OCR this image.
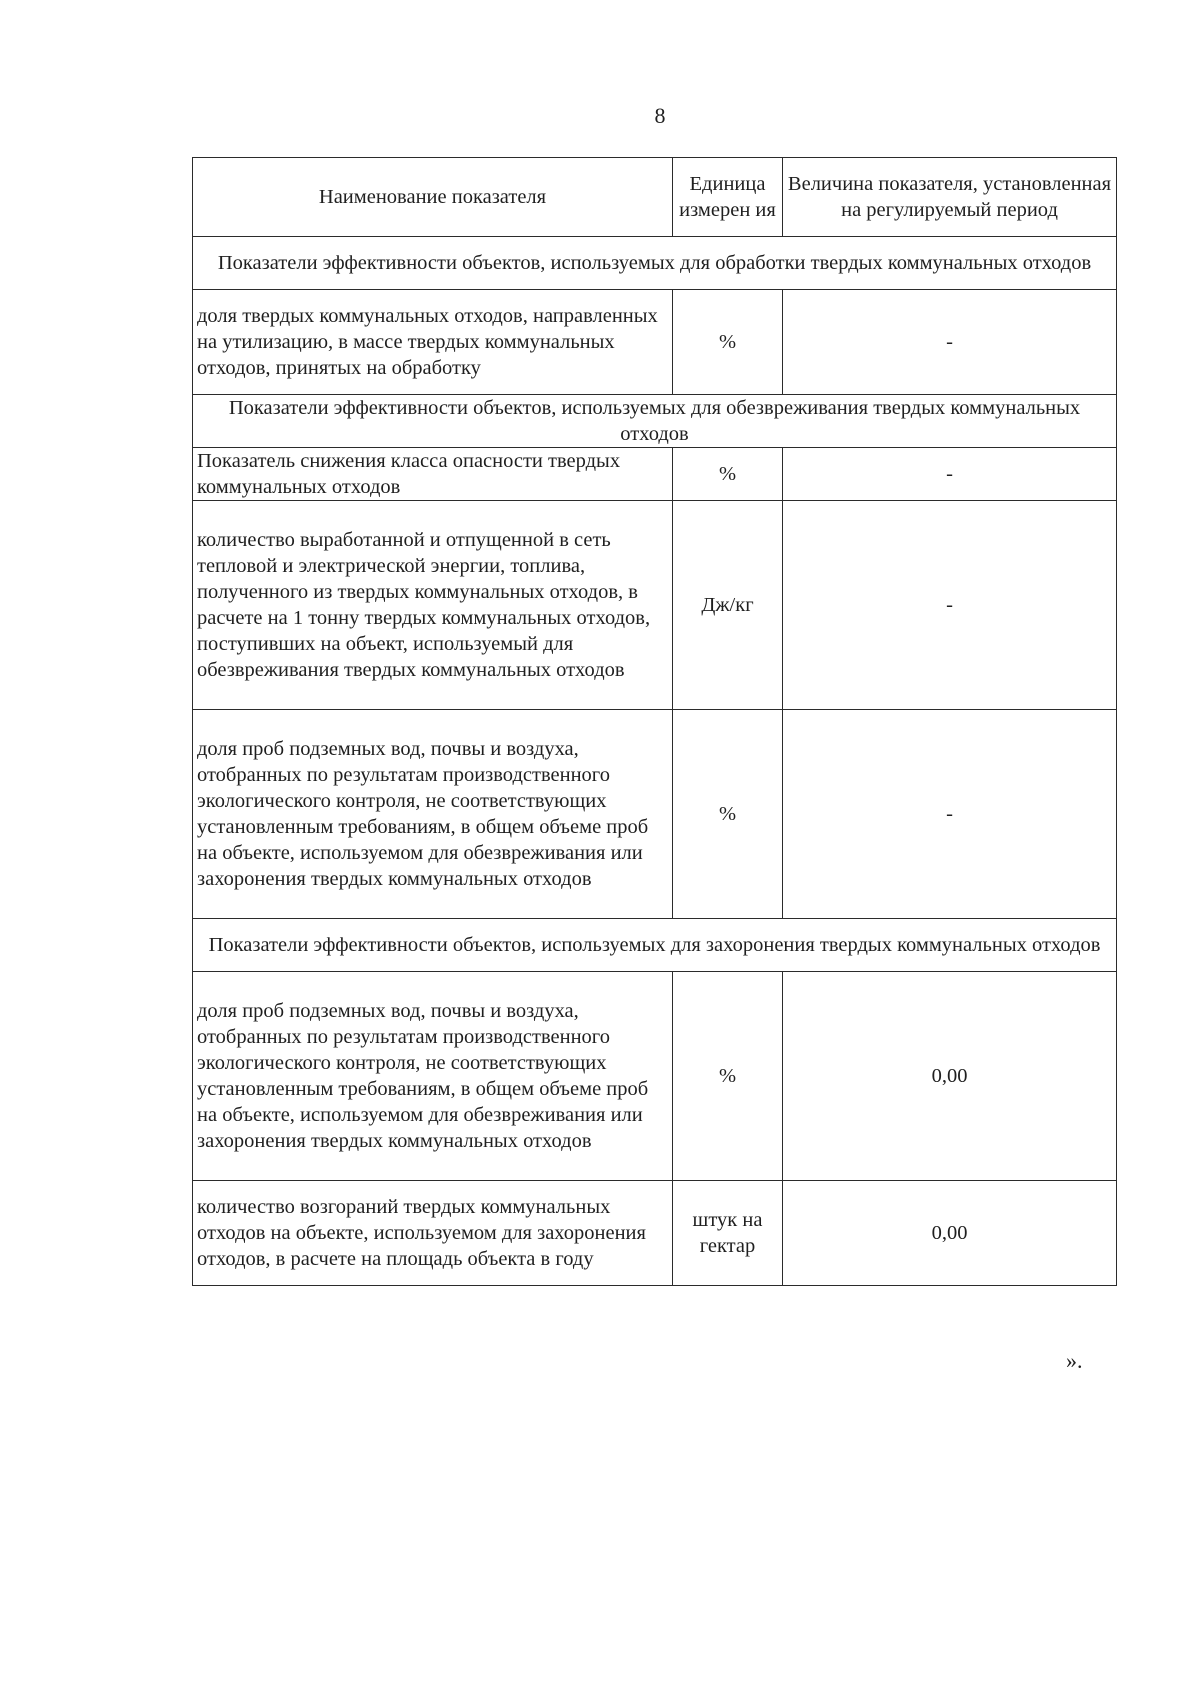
8
Наименование показателя	Единица измерен ия	Величина показателя, установленная на регулируемый период
Показатели эффективности объектов, используемых для обработки твердых коммунальных отходов		
доля твердых коммунальных отходов, направленных на утилизацию, в массе твердых коммунальных отходов, принятых на обработку	%	-
Показатели эффективности объектов, используемых для обезвреживания твердых коммунальных отходов		
Показатель снижения класса опасности твердых коммунальных отходов	%	-
количество выработанной и отпущенной в сеть тепловой и электрической энергии, топлива, полученного из твердых коммунальных отходов, в расчете на 1 тонну твердых коммунальных отходов, поступивших на объект, используемый для обезвреживания твердых коммунальных отходов	Дж/кг	-
доля проб подземных вод, почвы и воздуха, отобранных по результатам производственного экологического контроля, не соответствующих установленным требованиям, в общем объеме проб на объекте, используемом для обезвреживания или захоронения твердых коммунальных отходов	%	-
Показатели эффективности объектов, используемых для захоронения твердых коммунальных отходов		
доля проб подземных вод, почвы и воздуха, отобранных по результатам производственного экологического контроля, не соответствующих установленным требованиям, в общем объеме проб на объекте, используемом для обезвреживания или захоронения твердых коммунальных отходов	%	0,00
количество возгораний твердых коммунальных отходов на объекте, используемом для захоронения отходов, в расчете на площадь объекта в году	штук на гектар	0,00
».
